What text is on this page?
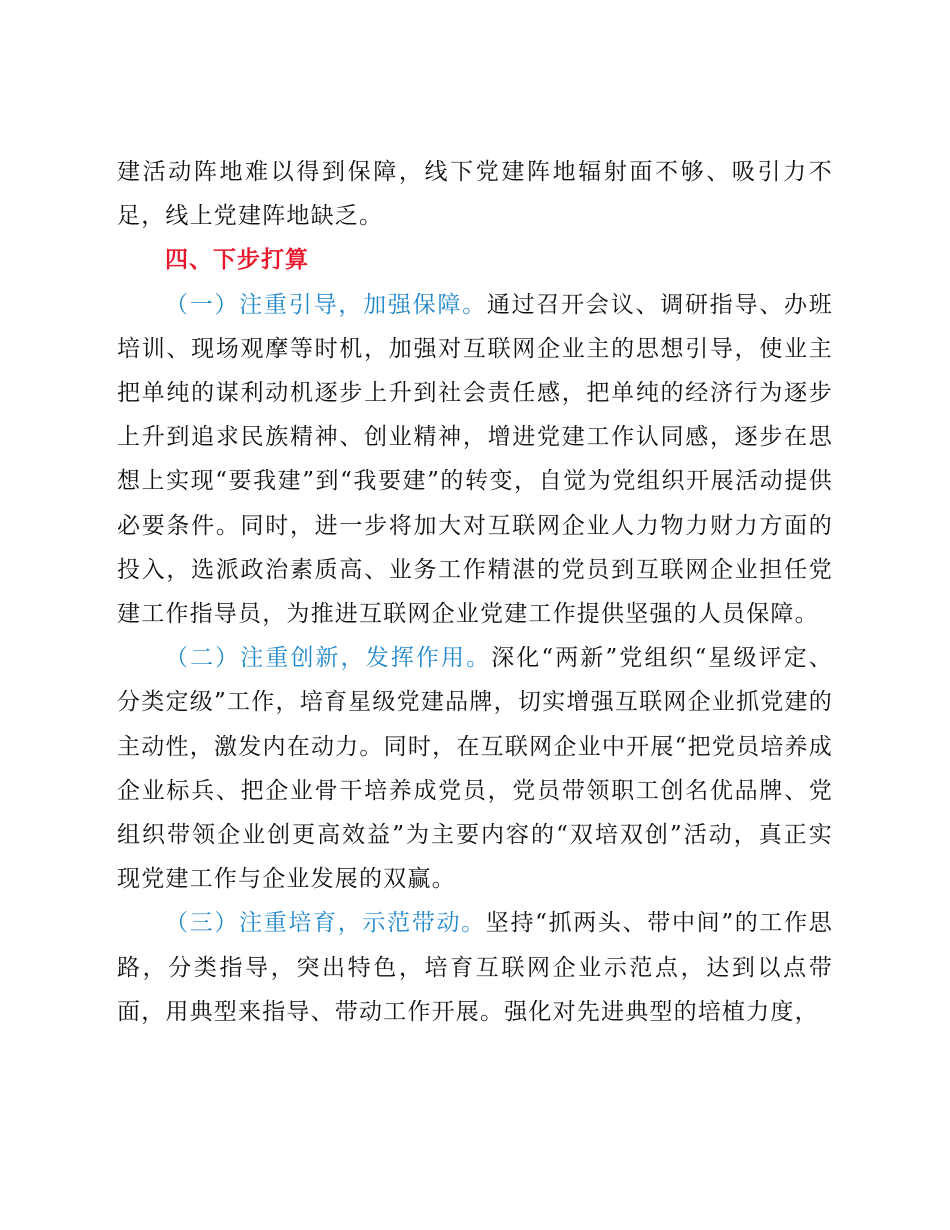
建活动阵地难以得到保障，线下党建阵地辐射面不够、吸引力不足，线上党建阵地缺乏。

四、下步打算

（一）注重引导，加强保障。通过召开会议、调研指导、办班培训、现场观摩等时机，加强对互联网企业主的思想引导，使业主把单纯的谋利动机逐步上升到社会责任感，把单纯的经济行为逐步上升到追求民族精神、创业精神，增进党建工作认同感，逐步在思想上实现“要我建”到“我要建”的转变，自觉为党组织开展活动提供必要条件。同时，进一步将加大对互联网企业人力物力财力方面的投入，选派政治素质高、业务工作精湛的党员到互联网企业担任党建工作指导员，为推进互联网企业党建工作提供坚强的人员保障。

（二）注重创新，发挥作用。深化“两新”党组织“星级评定、分类定级”工作，培育星级党建品牌，切实增强互联网企业抓党建的主动性，激发内在动力。同时，在互联网企业中开展“把党员培养成企业标兵、把企业骨干培养成党员，党员带领职工创名优品牌、党组织带领企业创更高效益”为主要内容的“双培双创”活动，真正实现党建工作与企业发展的双赢。

（三）注重培育，示范带动。坚持“抓两头、带中间”的工作思路，分类指导，突出特色，培育互联网企业示范点，达到以点带面，用典型来指导、带动工作开展。强化对先进典型的培植力度，
